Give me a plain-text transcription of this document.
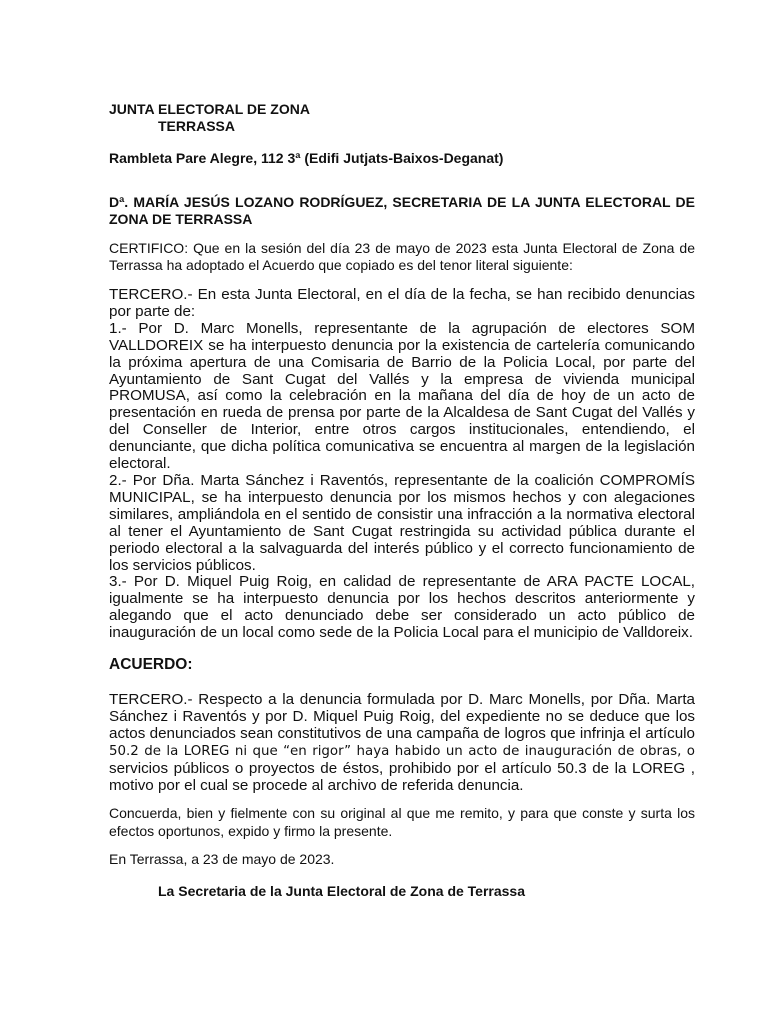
JUNTA ELECTORAL DE ZONA
TERRASSA
Rambleta Pare Alegre, 112 3ª (Edifi Jutjats-Baixos-Deganat)
Dª. MARÍA JESÚS LOZANO RODRÍGUEZ, SECRETARIA DE LA JUNTA ELECTORAL DE ZONA DE TERRASSA
CERTIFICO: Que en la sesión del día 23 de mayo de 2023 esta Junta Electoral de Zona de Terrassa ha adoptado el Acuerdo que copiado es del tenor literal siguiente:

TERCERO.- En esta Junta Electoral, en el día de la fecha, se han recibido denuncias por parte de:

1.- Por D. Marc Monells, representante de la agrupación de electores SOM VALLDOREIX se ha interpuesto denuncia por la existencia de cartelería comunicando la próxima apertura de una Comisaria de Barrio de la Policia Local, por parte del Ayuntamiento de Sant Cugat del Vallés y la empresa de vivienda municipal PROMUSA, así como la celebración en la mañana del día de hoy de un acto de presentación en rueda de prensa por parte de la Alcaldesa de Sant Cugat del Vallés y del Conseller de Interior, entre otros cargos institucionales, entendiendo, el denunciante, que dicha política comunicativa se encuentra al margen de la legislación electoral.

2.- Por Dña. Marta Sánchez i Raventós, representante de la coalición COMPROMÍS MUNICIPAL, se ha interpuesto denuncia por los mismos hechos y con alegaciones similares, ampliándola en el sentido de consistir una infracción a la normativa electoral al tener el Ayuntamiento de Sant Cugat restringida su actividad pública durante el periodo electoral a la salvaguarda del interés público y el correcto funcionamiento de los servicios públicos.

3.- Por D. Miquel Puig Roig, en calidad de representante de ARA PACTE LOCAL, igualmente se ha interpuesto denuncia por los hechos descritos anteriormente y alegando que el acto denunciado debe ser considerado un acto público de inauguración de un local como sede de la Policia Local para el municipio de Valldoreix.

ACUERDO:
TERCERO.- Respecto a la denuncia formulada por D. Marc Monells, por Dña. Marta Sánchez i Raventós y por D. Miquel Puig Roig, del expediente no se deduce que los actos denunciados sean constitutivos de una campaña de logros que infrinja el artículo 50.2 de la LOREG ni que “en rigor” haya habido un acto de inauguración de obras, o servicios públicos o proyectos de éstos, prohibido por el artículo 50.3 de la LOREG , motivo por el cual se procede al archivo de referida denuncia.
Concuerda, bien y fielmente con su original al que me remito, y para que conste y surta los efectos oportunos, expido y firmo la presente.
En Terrassa, a 23 de mayo de 2023.
La Secretaria de la Junta Electoral de Zona de Terrassa
